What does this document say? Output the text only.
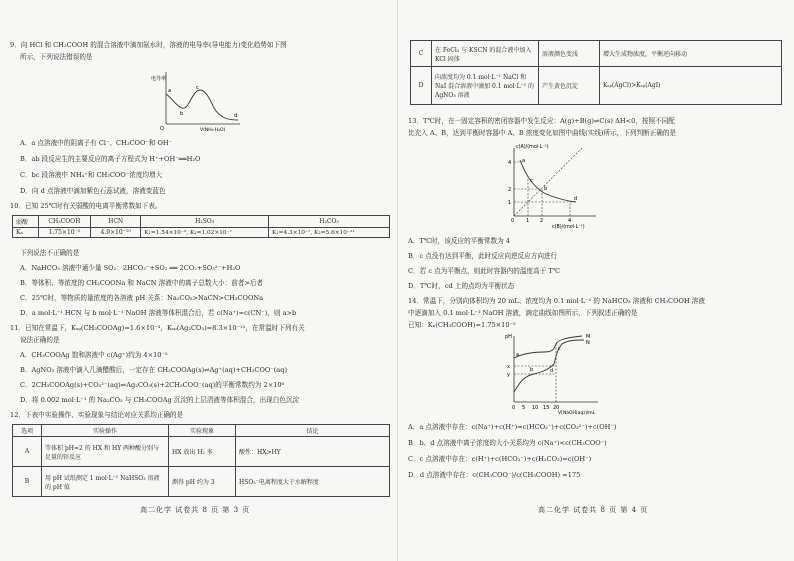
9．向 HCl 和 CH₃COOH 的混合溶液中滴加氨水时，溶液的电导率(导电能力)变化趋势如下图
所示，下列说法错误的是
电导率
V(NH₃·H₂O)
a
b
c
d
O
A．a 点溶液中的阴离子有 Cl⁻、CH₃COO⁻和 OH⁻
B．ab 段反应生的主要反应的离子方程式为 H⁺+OH⁻══H₂O
C．bc 段溶液中 NH₄⁺和 CH₃COO⁻浓度均增大
D．向 d 点溶液中滴加紫色石蕊试液，溶液变蓝色
10．已知 25℃时有关弱酸的电离平衡常数如下表。
弱酸	CH₃COOH	HCN	H₂SO₃	H₂CO₃
Kₐ	1.75×10⁻⁵	4.9×10⁻¹⁰	K₁=1.54×10⁻², K₂=1.02×10⁻⁷	K₁=4.3×10⁻⁷, K₂=5.6×10⁻¹¹
下列说法不正确的是
A．NaHCO₃ 溶液中通少量 SO₂：2HCO₃⁻+SO₂ ══ 2CO₂+SO₃²⁻+H₂O
B．等体积、等浓度的 CH₃COONa 和 NaCN 溶液中的离子总数大小：前者>后者
C．25℃时，等物质的量浓度的各溶液 pH 关系：Na₂CO₃>NaCN>CH₃COONa
D．a mol·L⁻¹ HCN 与 b mol·L⁻¹ NaOH 溶液等体积混合后，若 c(Na⁺)=c(CN⁻)，则 a>b
11．已知在常温下，Kₛₚ(CH₃COOAg)=1.6×10⁻³，Kₛₚ(Ag₂CO₃)=8.3×10⁻¹²，在常温时下列有关
说法正确的是
A．CH₃COOAg 饱和溶液中 c(Ag⁺)约为 4×10⁻²
B．AgNO₃ 溶液中滴入几滴醋酸后，一定存在 CH₃COOAg(s)⇌Ag⁺(aq)+CH₃COO⁻(aq)
C．2CH₃COOAg(s)+CO₃²⁻(aq)⇌Ag₂CO₃(s)+2CH₃COO⁻(aq)的平衡常数约为 2×10⁶
D．将 0.002 mol·L⁻¹ 的 Na₂CO₃ 与 CH₃COOAg 沉淀的上层清液等体积混合，出现白色沉淀
12．下表中实验操作、实验现象与结论对应关系均正确的是
选项	实验操作	实验现象	结论
A	等体积 pH=2 的 HX 和 HY 两种酸分别与足量的锌反应	HX 放出 H₂ 多	酸性：HX>HY
B	用 pH 试纸测定 1 mol·L⁻¹ NaHSO₃ 溶液的 pH 值	测得 pH 约为 3	HSO₃⁻电离程度大于水解程度
高二化学 试卷共 8 页 第 3 页
C	在 FeCl₃ 与 KSCN 的混合液中加入 KCl 固体	溶液颜色变浅	增大生成物浓度，平衡逆向移动
D	向浓度均为 0.1 mol·L⁻¹ NaCl 和 NaI 混合溶液中滴加 0.1 mol·L⁻¹ 的 AgNO₃ 溶液	产生黄色沉淀	Kₛₚ(AgCl)>Kₛₚ(AgI)
13．T℃时，在一固定容积的密闭容器中发生反应：A(g)+B(g)⇌C(s) ΔH<0，按照不同配
比充入 A、B，达到平衡时容器中 A、B 浓度变化如图中曲线(实线)所示，下列判断正确的是
c(A)/(mol·L⁻¹)
c(B)/(mol·L⁻¹)
4
2
1
0 1 2	4
a
b
c
d
A．T℃时，该反应的平衡常数为 4
B．c 点没有达到平衡，此时反应向逆反应方向进行
C．若 c 点为平衡点，则此时容器内的温度高于 T℃
D．T℃时，cd 上的点均为平衡状态
14．常温下，分别向体积均为 20 mL、浓度均为 0.1 mol·L⁻¹ 的 NaHCO₃ 溶液和 CH₃COOH 溶液
中逐滴加入 0.1 mol·L⁻¹ NaOH 溶液，滴定曲线如图所示，下列叙述正确的是
已知：Kₐ(CH₃COOH)=1.75×10⁻⁵
pH
V[NaOH(aq)]/mL
0 5 10 15 20
M
N
a
b
c
d
x
y
A．a 点溶液中存在：c(Na⁺)+c(H⁺)=c(HCO₃⁻)+c(CO₃²⁻)+c(OH⁻)
B．b、d 点溶液中离子浓度的大小关系均为 c(Na⁺)<c(CH₃COO⁻)
C．c 点溶液中存在：c(H⁺)+c(HCO₃⁻)+c(H₂CO₃)=c(OH⁻)
D．d 点溶液中存在：c(CH₃COO⁻)/c(CH₃COOH) =175
高二化学 试卷共 8 页 第 4 页
